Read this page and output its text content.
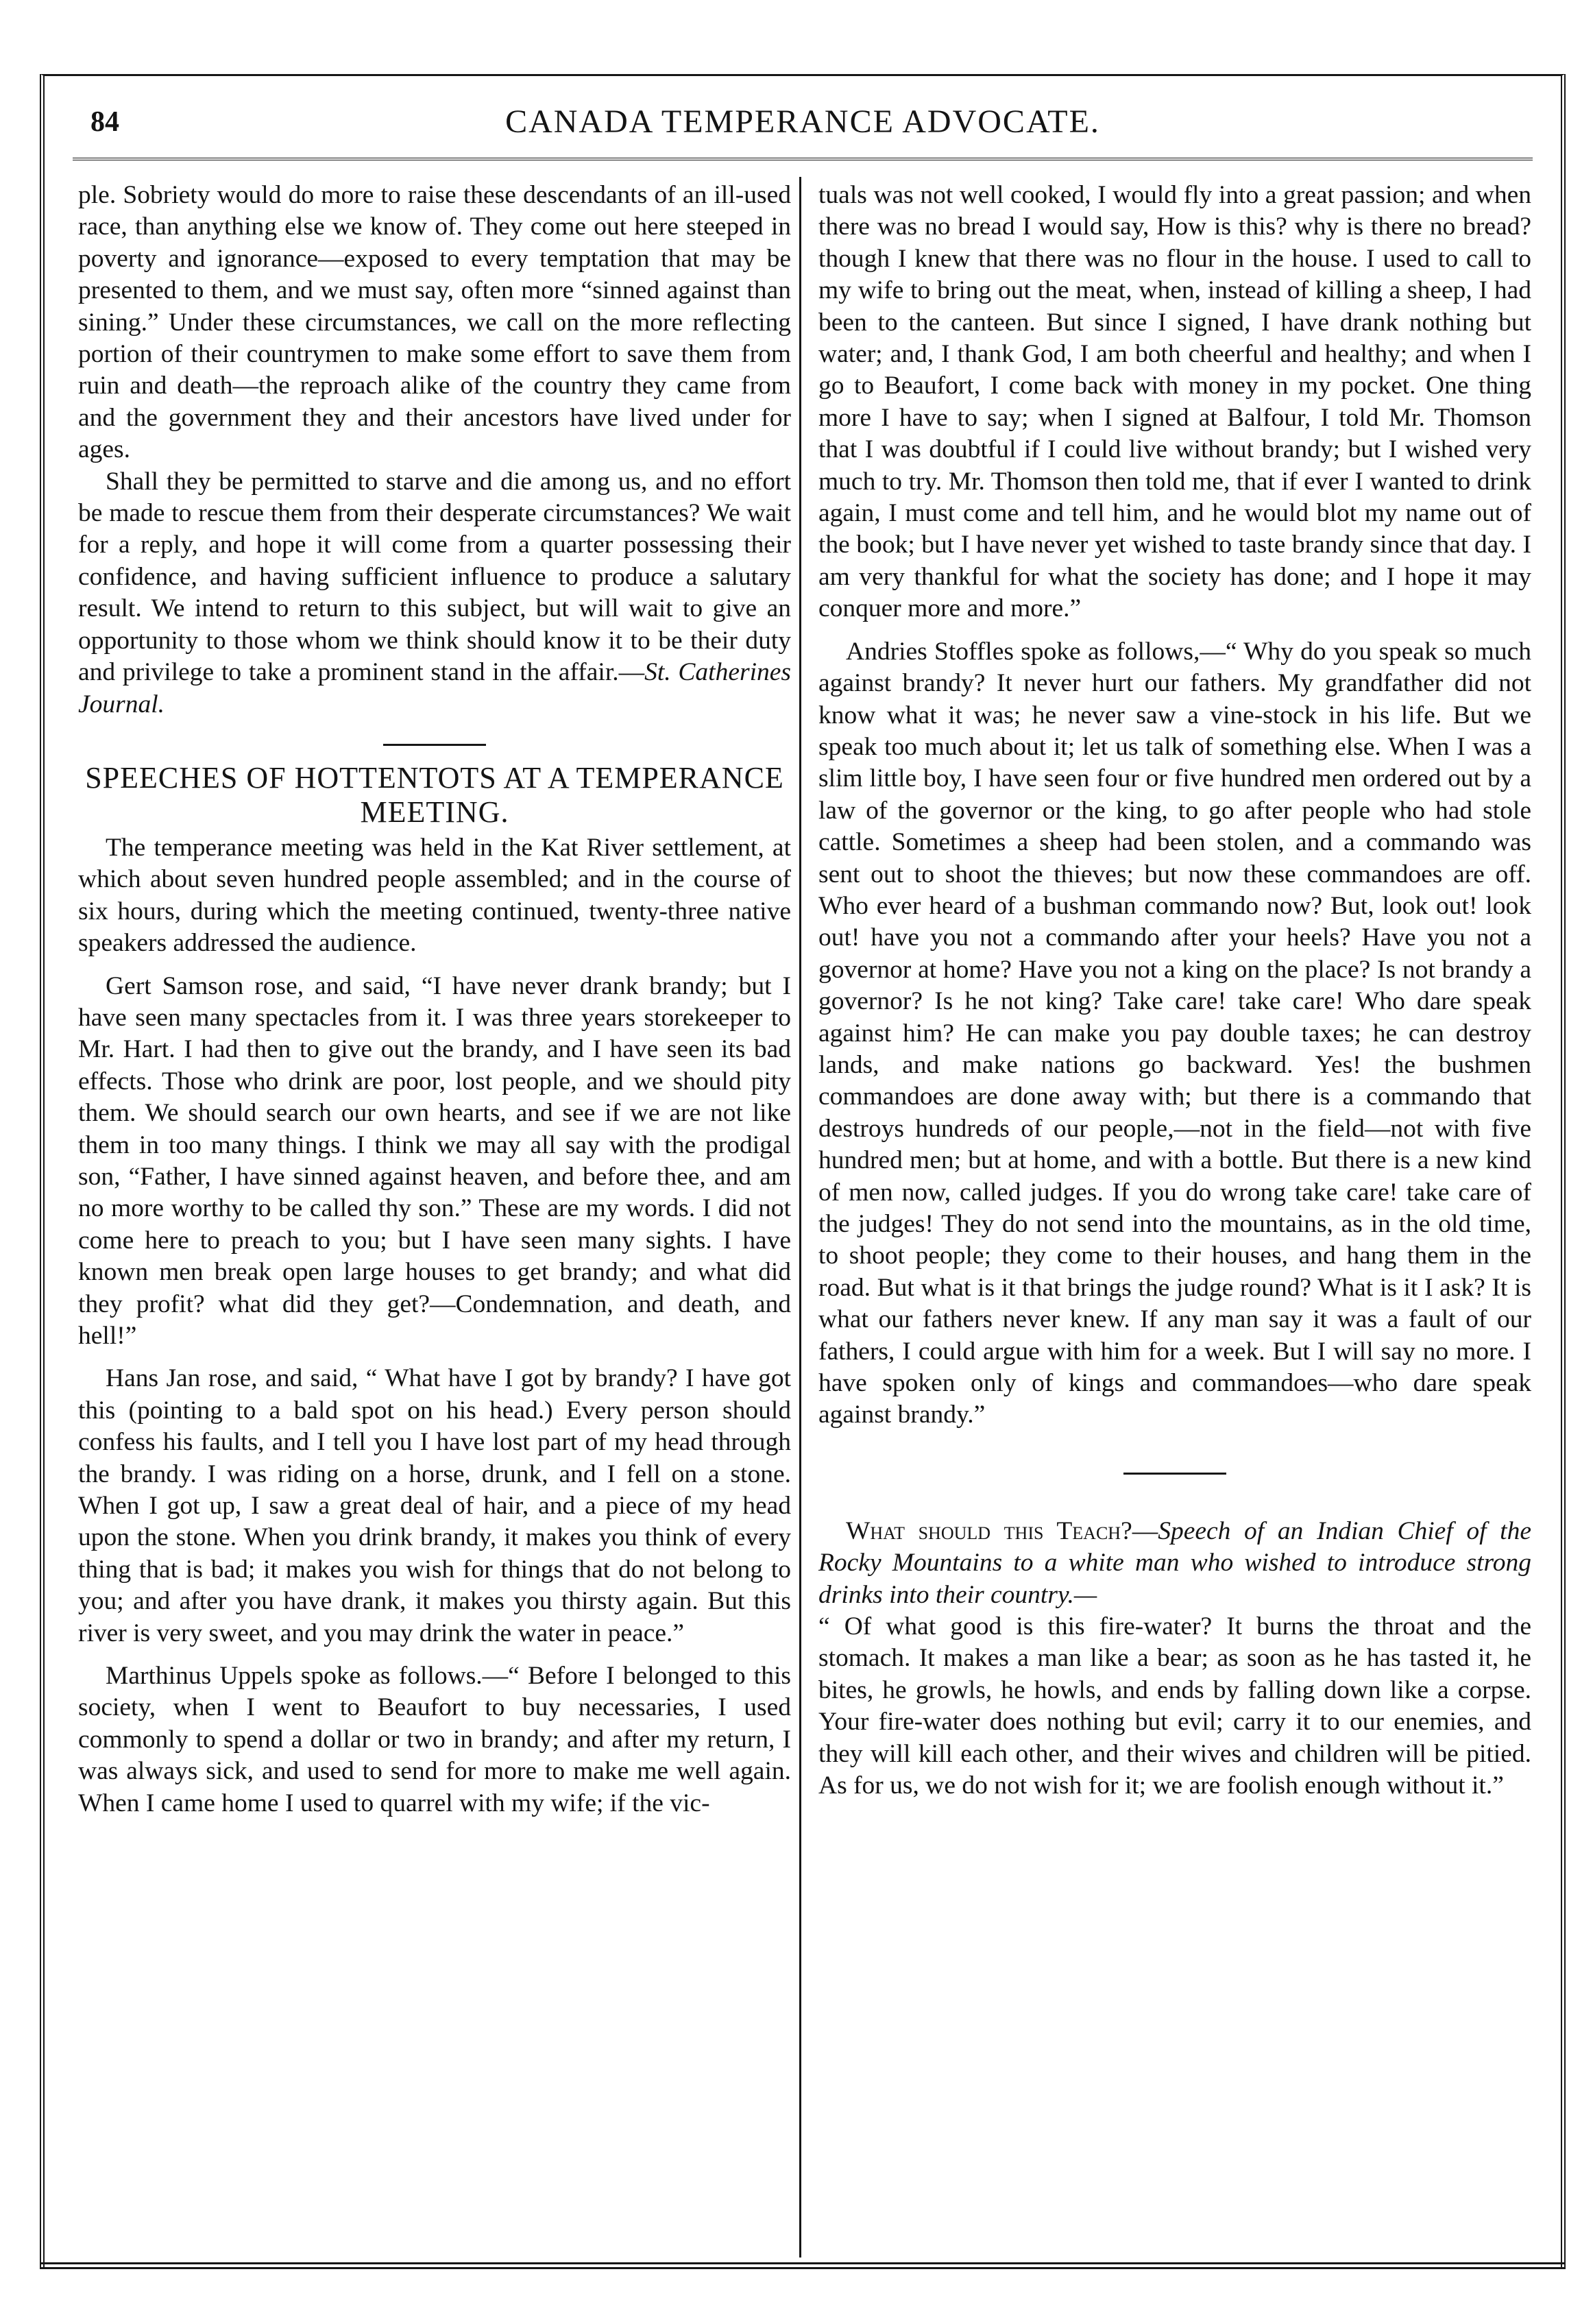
84	CANADA TEMPERANCE ADVOCATE.

ple. Sobriety would do more to raise these descendants of an ill-used race, than anything else we know of. They come out here steeped in poverty and ignorance—exposed to every temptation that may be presented to them, and we must say, often more “sinned against than sining.” Under these circumstances, we call on the more reflecting portion of their countrymen to make some effort to save them from ruin and death—the reproach alike of the country they came from and the government they and their ancestors have lived under for ages.

Shall they be permitted to starve and die among us, and no effort be made to rescue them from their desperate circumstances? We wait for a reply, and hope it will come from a quarter possessing their confidence, and having sufficient influence to produce a salutary result. We intend to return to this subject, but will wait to give an opportunity to those whom we think should know it to be their duty and privilege to take a prominent stand in the affair.—St. Catherines Journal.

SPEECHES OF HOTTENTOTS AT A TEMPERANCE MEETING.

The temperance meeting was held in the Kat River settlement, at which about seven hundred people assembled; and in the course of six hours, during which the meeting continued, twenty-three native speakers addressed the audience.

Gert Samson rose, and said, “I have never drank brandy; but I have seen many spectacles from it. I was three years storekeeper to Mr. Hart. I had then to give out the brandy, and I have seen its bad effects. Those who drink are poor, lost people, and we should pity them. We should search our own hearts, and see if we are not like them in too many things. I think we may all say with the prodigal son, “Father, I have sinned against heaven, and before thee, and am no more worthy to be called thy son.” These are my words. I did not come here to preach to you; but I have seen many sights. I have known men break open large houses to get brandy; and what did they profit? what did they get?—Condemnation, and death, and hell!”

Hans Jan rose, and said, “ What have I got by brandy? I have got this (pointing to a bald spot on his head.) Every person should confess his faults, and I tell you I have lost part of my head through the brandy. I was riding on a horse, drunk, and I fell on a stone. When I got up, I saw a great deal of hair, and a piece of my head upon the stone. When you drink brandy, it makes you think of every thing that is bad; it makes you wish for things that do not belong to you; and after you have drank, it makes you thirsty again. But this river is very sweet, and you may drink the water in peace.”

Marthinus Uppels spoke as follows.—“ Before I belonged to this society, when I went to Beaufort to buy necessaries, I used commonly to spend a dollar or two in brandy; and after my return, I was always sick, and used to send for more to make me well again. When I came home I used to quarrel with my wife; if the vic-

tuals was not well cooked, I would fly into a great passion; and when there was no bread I would say, How is this? why is there no bread? though I knew that there was no flour in the house. I used to call to my wife to bring out the meat, when, instead of killing a sheep, I had been to the canteen. But since I signed, I have drank nothing but water; and, I thank God, I am both cheerful and healthy; and when I go to Beaufort, I come back with money in my pocket. One thing more I have to say; when I signed at Balfour, I told Mr. Thomson that I was doubtful if I could live without brandy; but I wished very much to try. Mr. Thomson then told me, that if ever I wanted to drink again, I must come and tell him, and he would blot my name out of the book; but I have never yet wished to taste brandy since that day. I am very thankful for what the society has done; and I hope it may conquer more and more.”

Andries Stoffles spoke as follows,—“ Why do you speak so much against brandy? It never hurt our fathers. My grandfather did not know what it was; he never saw a vine-stock in his life. But we speak too much about it; let us talk of something else. When I was a slim little boy, I have seen four or five hundred men ordered out by a law of the governor or the king, to go after people who had stole cattle. Sometimes a sheep had been stolen, and a commando was sent out to shoot the thieves; but now these commandoes are off. Who ever heard of a bushman commando now? But, look out! look out! have you not a commando after your heels? Have you not a governor at home? Have you not a king on the place? Is not brandy a governor? Is he not king? Take care! take care! Who dare speak against him? He can make you pay double taxes; he can destroy lands, and make nations go backward. Yes! the bushmen commandoes are done away with; but there is a commando that destroys hundreds of our people,—not in the field—not with five hundred men; but at home, and with a bottle. But there is a new kind of men now, called judges. If you do wrong take care! take care of the judges! They do not send into the mountains, as in the old time, to shoot people; they come to their houses, and hang them in the road. But what is it that brings the judge round? What is it I ask? It is what our fathers never knew. If any man say it was a fault of our fathers, I could argue with him for a week. But I will say no more. I have spoken only of kings and commandoes—who dare speak against brandy.”

What should this Teach?—Speech of an Indian Chief of the Rocky Mountains to a white man who wished to introduce strong drinks into their country.—
“ Of what good is this fire-water? It burns the throat and the stomach. It makes a man like a bear; as soon as he has tasted it, he bites, he growls, he howls, and ends by falling down like a corpse. Your fire-water does nothing but evil; carry it to our enemies, and they will kill each other, and their wives and children will be pitied. As for us, we do not wish for it; we are foolish enough without it.”
